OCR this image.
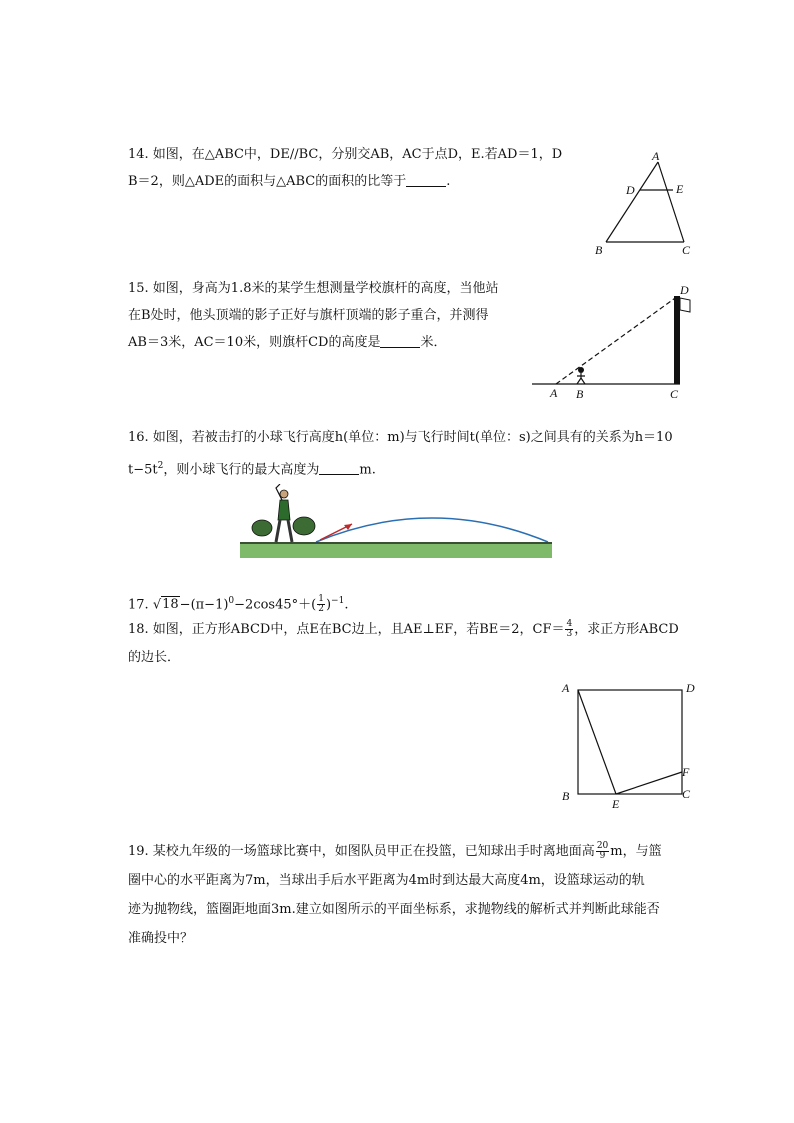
14. 如图，在△ABC中，DE//BC，分别交AB，AC于点D，E.若AD＝1，D
B＝2，则△ADE的面积与△ABC的面积的比等于	.
A
D	E
B	C
15. 如图，身高为1.8米的某学生想测量学校旗杆的高度，当他站
在B处时，他头顶端的影子正好与旗杆顶端的影子重合，并测得
AB＝3米，AC＝10米，则旗杆CD的高度是	米．
A B	C
D
16. 如图，若被击打的小球飞行高度h(单位：m)与飞行时间t(单位：s)之间具有的关系为h＝10
$t-5t^2$，则小球飞行的最大高度为	m.
17. $√18-(\pi-1)^0-2\cos 45^\circ+( \frac{1}{2} )^{-1}$.
18. 如图，正方形ABCD中，点E在BC边上，且AE⊥EF，若BE＝2，$CF= \frac{4}{3}$ ，求正方形ABCD
的边长．
A	D
B
E
C
F
19. 某校九年级的一场篮球比赛中，如图队员甲正在投篮，已知球出手时离地面高 $\frac{20}{9}$ m，与篮
圈中心的水平距离为7m，当球出手后水平距离为4m时到达最大高度4m，设篮球运动的轨
迹为抛物线，篮圈距地面3m.建立如图所示的平面坐标系，求抛物线的解析式并判断此球能否
准确投中？
